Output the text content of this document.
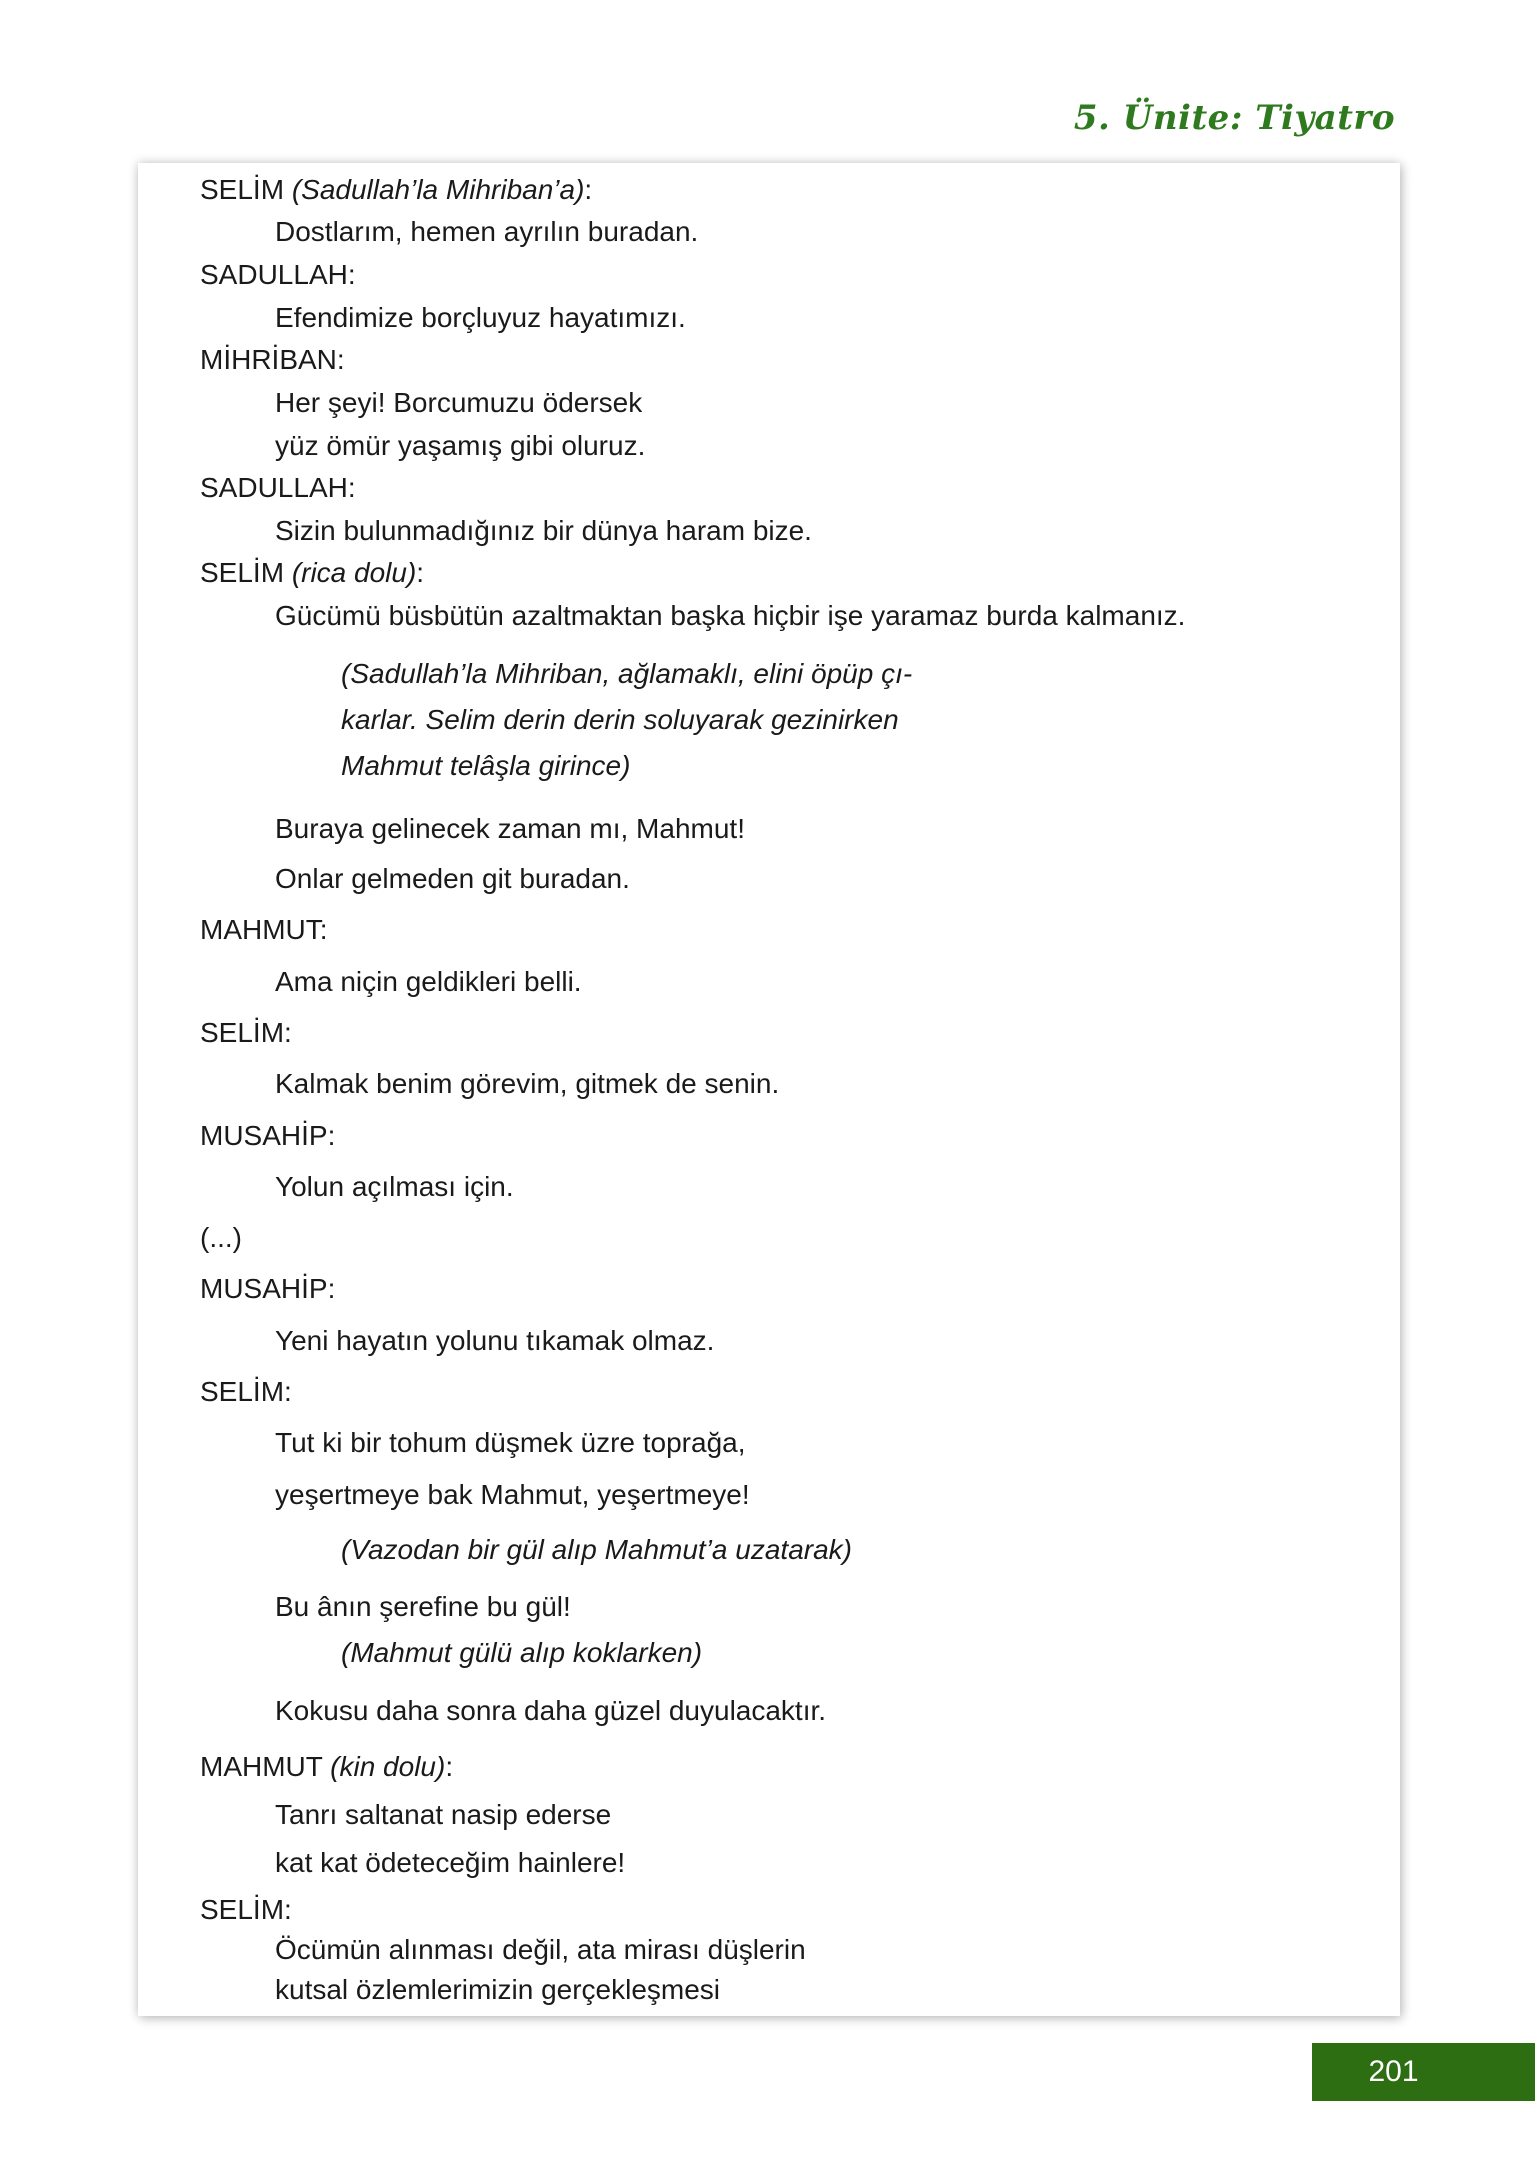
5. Ünite: Tiyatro
SELİM (Sadullah’la Mihriban’a):
Dostlarım, hemen ayrılın buradan.
SADULLAH:
Efendimize borçluyuz hayatımızı.
MİHRİBAN:
Her şeyi! Borcumuzu ödersek
yüz ömür yaşamış gibi oluruz.
SADULLAH:
Sizin bulunmadığınız bir dünya haram bize.
SELİM (rica dolu):
Gücümü büsbütün azaltmaktan başka hiçbir işe yaramaz burda kalmanız.
(Sadullah’la Mihriban, ağlamaklı, elini öpüp çı-
karlar. Selim derin derin soluyarak gezinirken
Mahmut telâşla girince)
Buraya gelinecek zaman mı, Mahmut!
Onlar gelmeden git buradan.
MAHMUT:
Ama niçin geldikleri belli.
SELİM:
Kalmak benim görevim, gitmek de senin.
MUSAHİP:
Yolun açılması için.
(...)
MUSAHİP:
Yeni hayatın yolunu tıkamak olmaz.
SELİM:
Tut ki bir tohum düşmek üzre toprağa,
yeşertmeye bak Mahmut, yeşertmeye!
(Vazodan bir gül alıp Mahmut’a uzatarak)
Bu ânın şerefine bu gül!
(Mahmut gülü alıp koklarken)
Kokusu daha sonra daha güzel duyulacaktır.
MAHMUT (kin dolu):
Tanrı saltanat nasip ederse
kat kat ödeteceğim hainlere!
SELİM:
Öcümün alınması değil, ata mirası düşlerin
kutsal özlemlerimizin gerçekleşmesi
201
